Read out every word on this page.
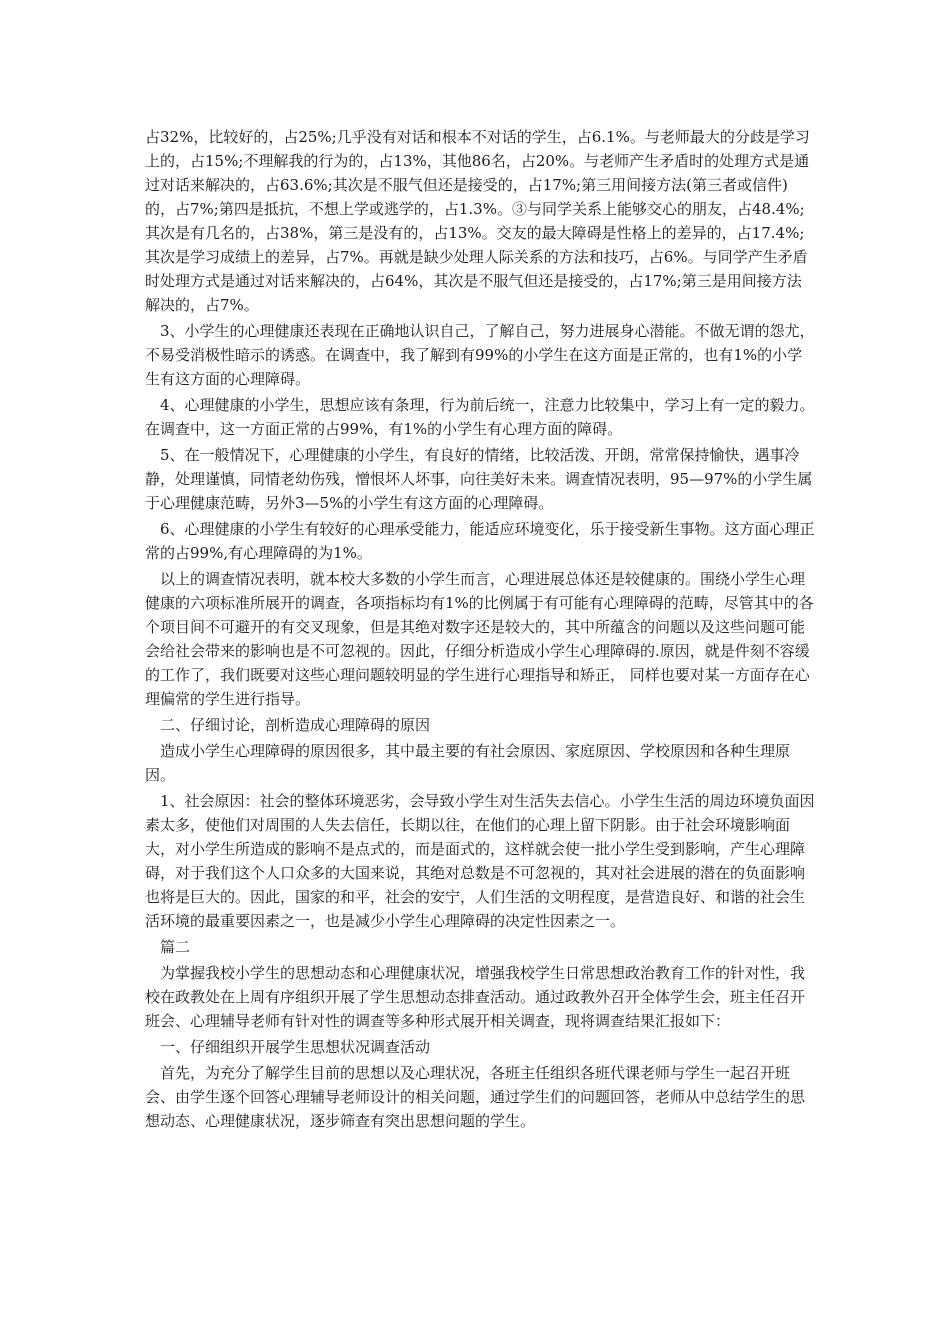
占32%，比较好的，占25%;几乎没有对话和根本不对话的学生，占6.1%。与老师最大的分歧是学习上的，占15%;不理解我的行为的，占13%，其他86名，占20%。与老师产生矛盾时的处理方式是通过对话来解决的，占63.6%;其次是不服气但还是接受的，占17%;第三用间接方法(第三者或信件)的，占7%;第四是抵抗，不想上学或逃学的，占1.3%。③与同学关系上能够交心的朋友，占48.4%;其次是有几名的，占38%，第三是没有的，占13%。交友的最大障碍是性格上的差异的，占17.4%;其次是学习成绩上的差异，占7%。再就是缺少处理人际关系的方法和技巧，占6%。与同学产生矛盾时处理方式是通过对话来解决的，占64%，其次是不服气但还是接受的，占17%;第三是用间接方法解决的，占7%。

3、小学生的心理健康还表现在正确地认识自己，了解自己，努力进展身心潜能。不做无谓的怨尤，不易受消极性暗示的诱惑。在调查中，我了解到有99%的小学生在这方面是正常的，也有1%的小学生有这方面的心理障碍。

4、心理健康的小学生，思想应该有条理，行为前后统一，注意力比较集中，学习上有一定的毅力。在调查中，这一方面正常的占99%，有1%的小学生有心理方面的障碍。

5、在一般情况下，心理健康的小学生，有良好的情绪，比较活泼、开朗，常常保持愉快，遇事冷静，处理谨慎，同情老幼伤残，憎恨坏人坏事，向往美好未来。调查情况表明，95—97%的小学生属于心理健康范畴，另外3—5%的小学生有这方面的心理障碍。

6、心理健康的小学生有较好的心理承受能力，能适应环境变化，乐于接受新生事物。这方面心理正常的占99%,有心理障碍的为1%。

以上的调查情况表明，就本校大多数的小学生而言，心理进展总体还是较健康的。围绕小学生心理健康的六项标准所展开的调查，各项指标均有1%的比例属于有可能有心理障碍的范畴，尽管其中的各个项目间不可避开的有交叉现象，但是其绝对数字还是较大的，其中所蕴含的问题以及这些问题可能会给社会带来的影响也是不可忽视的。因此，仔细分析造成小学生心理障碍的.原因，就是件刻不容缓的工作了，我们既要对这些心理问题较明显的学生进行心理指导和矫正， 同样也要对某一方面存在心理偏常的学生进行指导。

二、仔细讨论，剖析造成心理障碍的原因

造成小学生心理障碍的原因很多，其中最主要的有社会原因、家庭原因、学校原因和各种生理原因。

1、社会原因：社会的整体环境恶劣，会导致小学生对生活失去信心。小学生生活的周边环境负面因素太多，使他们对周围的人失去信任，长期以往，在他们的心理上留下阴影。由于社会环境影响面大，对小学生所造成的影响不是点式的，而是面式的，这样就会使一批小学生受到影响，产生心理障碍，对于我们这个人口众多的大国来说，其绝对总数是不可忽视的，其对社会进展的潜在的负面影响也将是巨大的。因此，国家的和平，社会的安宁，人们生活的文明程度，是营造良好、和谐的社会生活环境的最重要因素之一，也是减少小学生心理障碍的决定性因素之一。

篇二

为掌握我校小学生的思想动态和心理健康状况，增强我校学生日常思想政治教育工作的针对性，我校在政教处在上周有序组织开展了学生思想动态排查活动。通过政教外召开全体学生会，班主任召开班会、心理辅导老师有针对性的调查等多种形式展开相关调查，现将调查结果汇报如下：

一、仔细组织开展学生思想状况调查活动

首先，为充分了解学生目前的思想以及心理状况，各班主任组织各班代课老师与学生一起召开班会、由学生逐个回答心理辅导老师设计的相关问题，通过学生们的问题回答，老师从中总结学生的思想动态、心理健康状况，逐步筛查有突出思想问题的学生。
